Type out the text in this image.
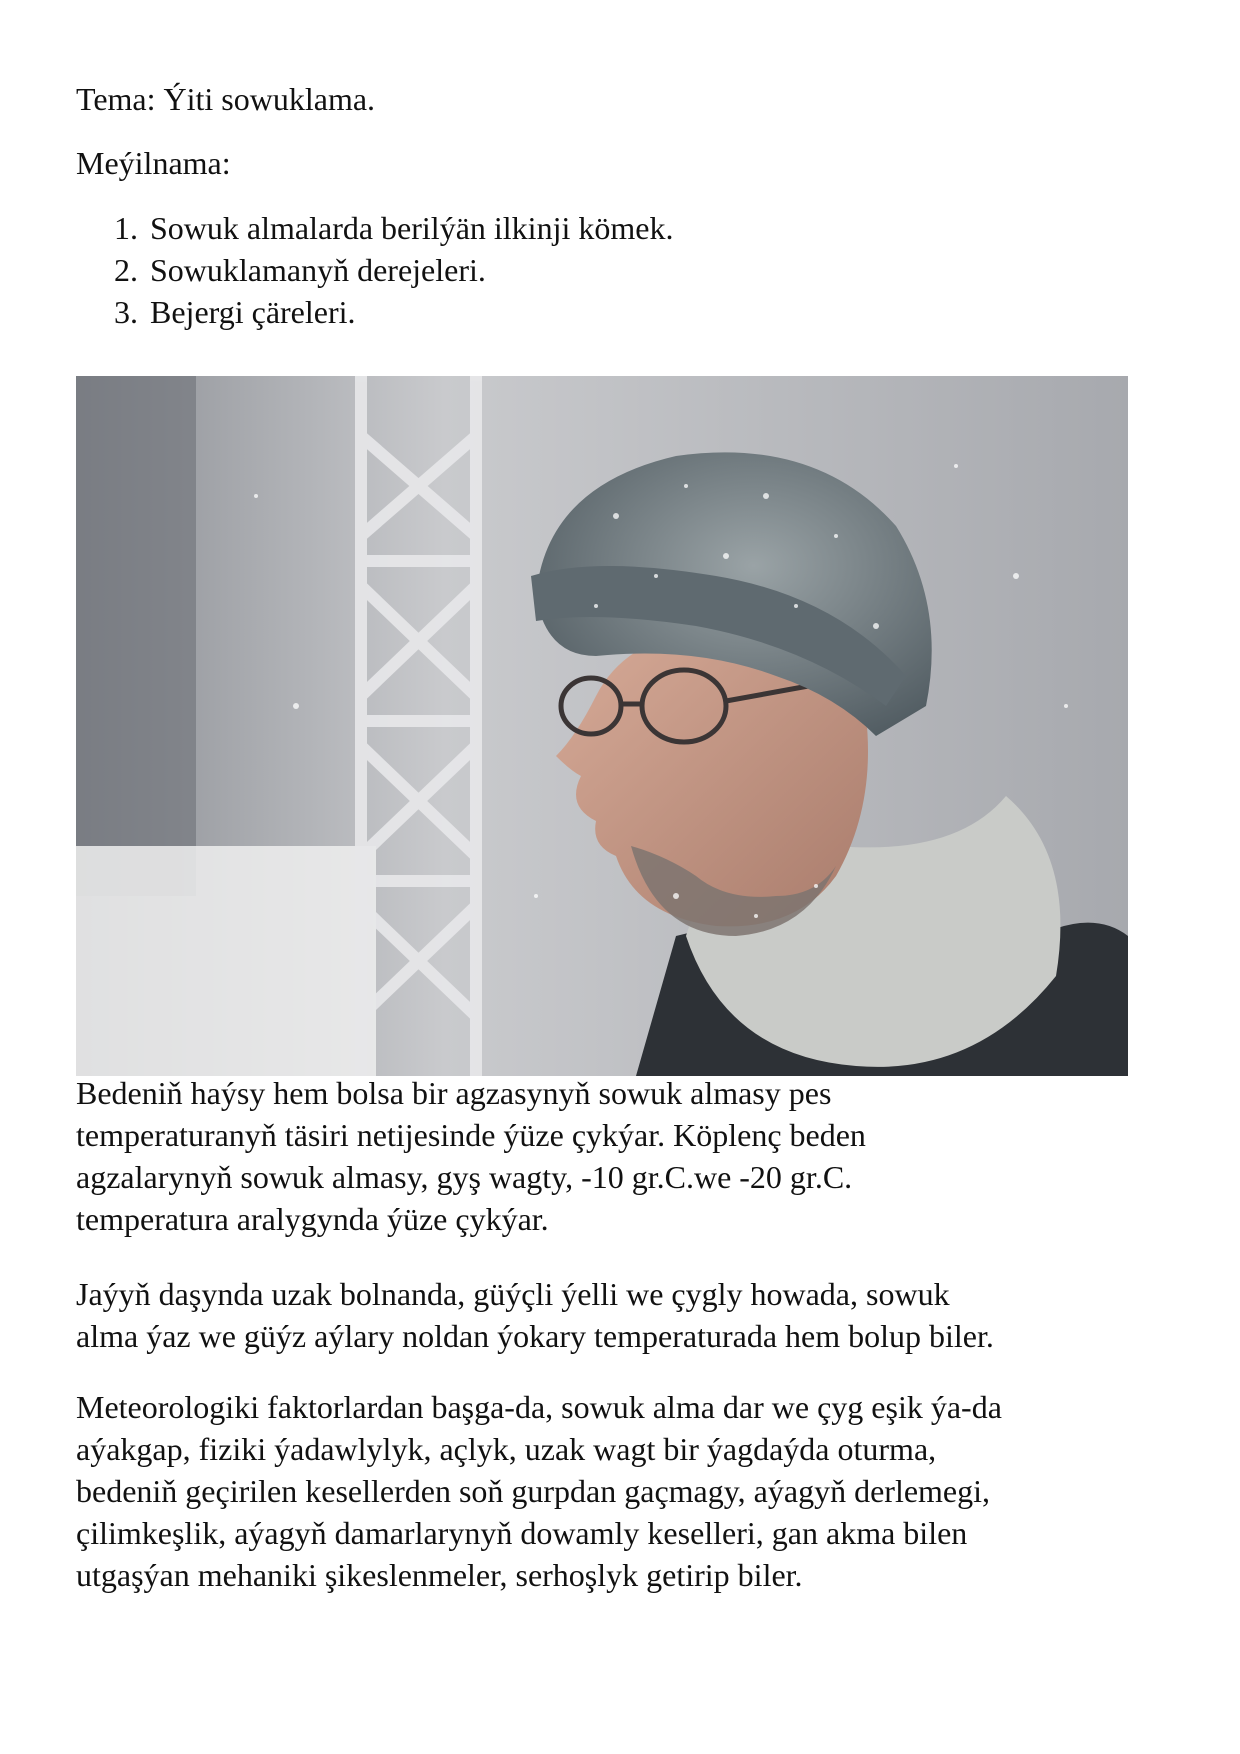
Tema: Ýiti sowuklama.

Meýilnama:

1. Sowuk almalarda berilýän ilkinji kömek.
2. Sowuklamanyň derejeleri.
3. Bejergi çäreleri.
Bedeniň haýsy hem bolsa bir agzasynyň sowuk almasy pes
temperaturanyň täsiri netijesinde ýüze çykýar. Köplenç beden
agzalarynyň sowuk almasy, gyş wagty, -10 gr.C.we -20 gr.C.
temperatura aralygynda ýüze çykýar.
Jaýyň daşynda uzak bolnanda, güýçli ýelli we çygly howada, sowuk
alma ýaz we güýz aýlary noldan ýokary temperaturada hem bolup biler.
Meteorologiki faktorlardan başga-da, sowuk alma dar we çyg eşik ýa-da
aýakgap, fiziki ýadawlylyk, açlyk, uzak wagt bir ýagdaýda oturma,
bedeniň geçirilen kesellerden soň gurpdan gaçmagy, aýagyň derlemegi,
çilimkeşlik, aýagyň damarlarynyň dowamly keselleri, gan akma bilen
utgaşýan mehaniki şikeslenmeler, serhoşlyk getirip biler.
